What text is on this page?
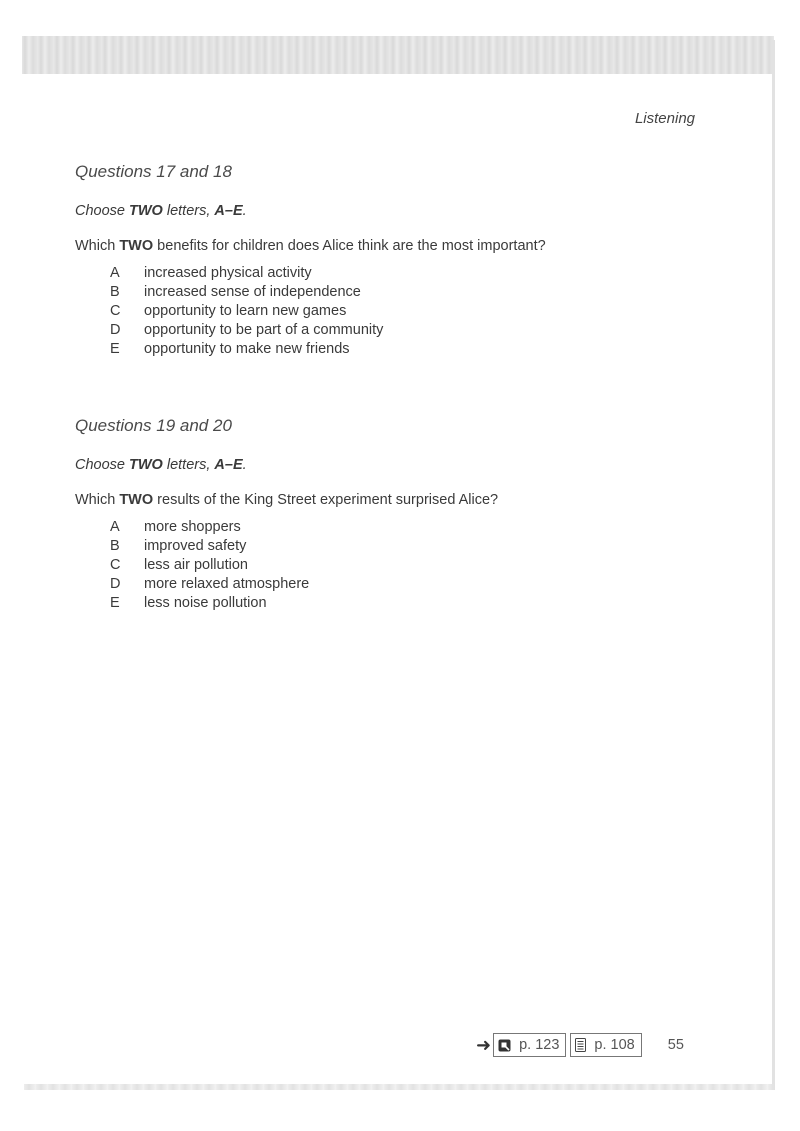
Listening
Questions 17 and 18
Choose TWO letters, A–E.
Which TWO benefits for children does Alice think are the most important?
A	increased physical activity
B	increased sense of independence
C	opportunity to learn new games
D	opportunity to be part of a community
E	opportunity to make new friends
Questions 19 and 20
Choose TWO letters, A–E.
Which TWO results of the King Street experiment surprised Alice?
A	more shoppers
B	improved safety
C	less air pollution
D	more relaxed atmosphere
E	less noise pollution
➜ p. 123 p. 108 55
